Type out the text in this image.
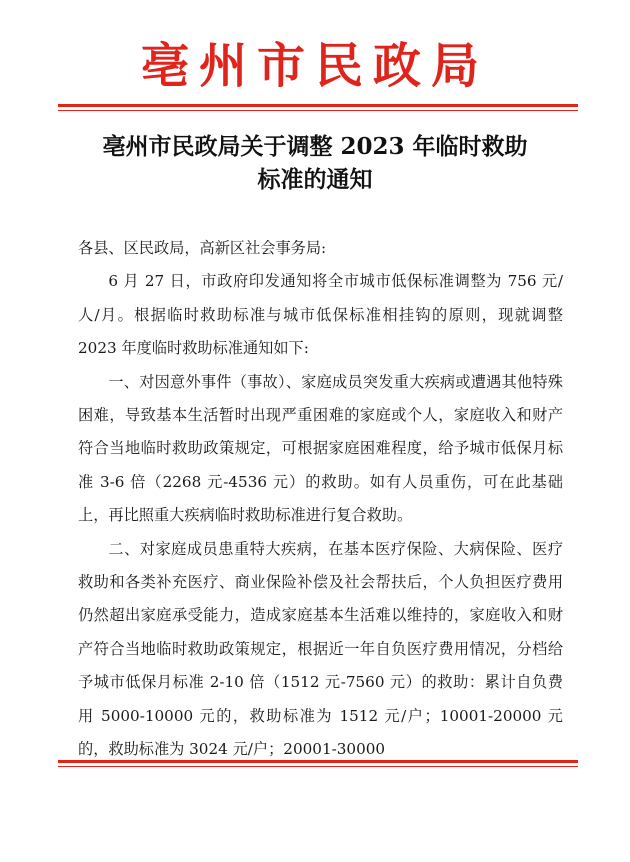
亳州市民政局
亳州市民政局关于调整 2023 年临时救助
标准的通知

各县、区民政局，高新区社会事务局:

6 月 27 日，市政府印发通知将全市城市低保标准调整为 756 元/人/月。根据临时救助标准与城市低保标准相挂钩的原则，现就调整 2023 年度临时救助标准通知如下:

一、对因意外事件（事故）、家庭成员突发重大疾病或遭遇其他特殊困难，导致基本生活暂时出现严重困难的家庭或个人，家庭收入和财产符合当地临时救助政策规定，可根据家庭困难程度，给予城市低保月标准 3-6 倍（2268 元-4536 元）的救助。如有人员重伤，可在此基础上，再比照重大疾病临时救助标准进行复合救助。

二、对家庭成员患重特大疾病，在基本医疗保险、大病保险、医疗救助和各类补充医疗、商业保险补偿及社会帮扶后，个人负担医疗费用仍然超出家庭承受能力，造成家庭基本生活难以维持的，家庭收入和财产符合当地临时救助政策规定，根据近一年自负医疗费用情况，分档给予城市低保月标准 2-10 倍（1512 元-7560 元）的救助：累计自负费用 5000-10000 元的，救助标准为 1512 元/户；10001-20000 元的，救助标准为 3024 元/户；20001-30000
